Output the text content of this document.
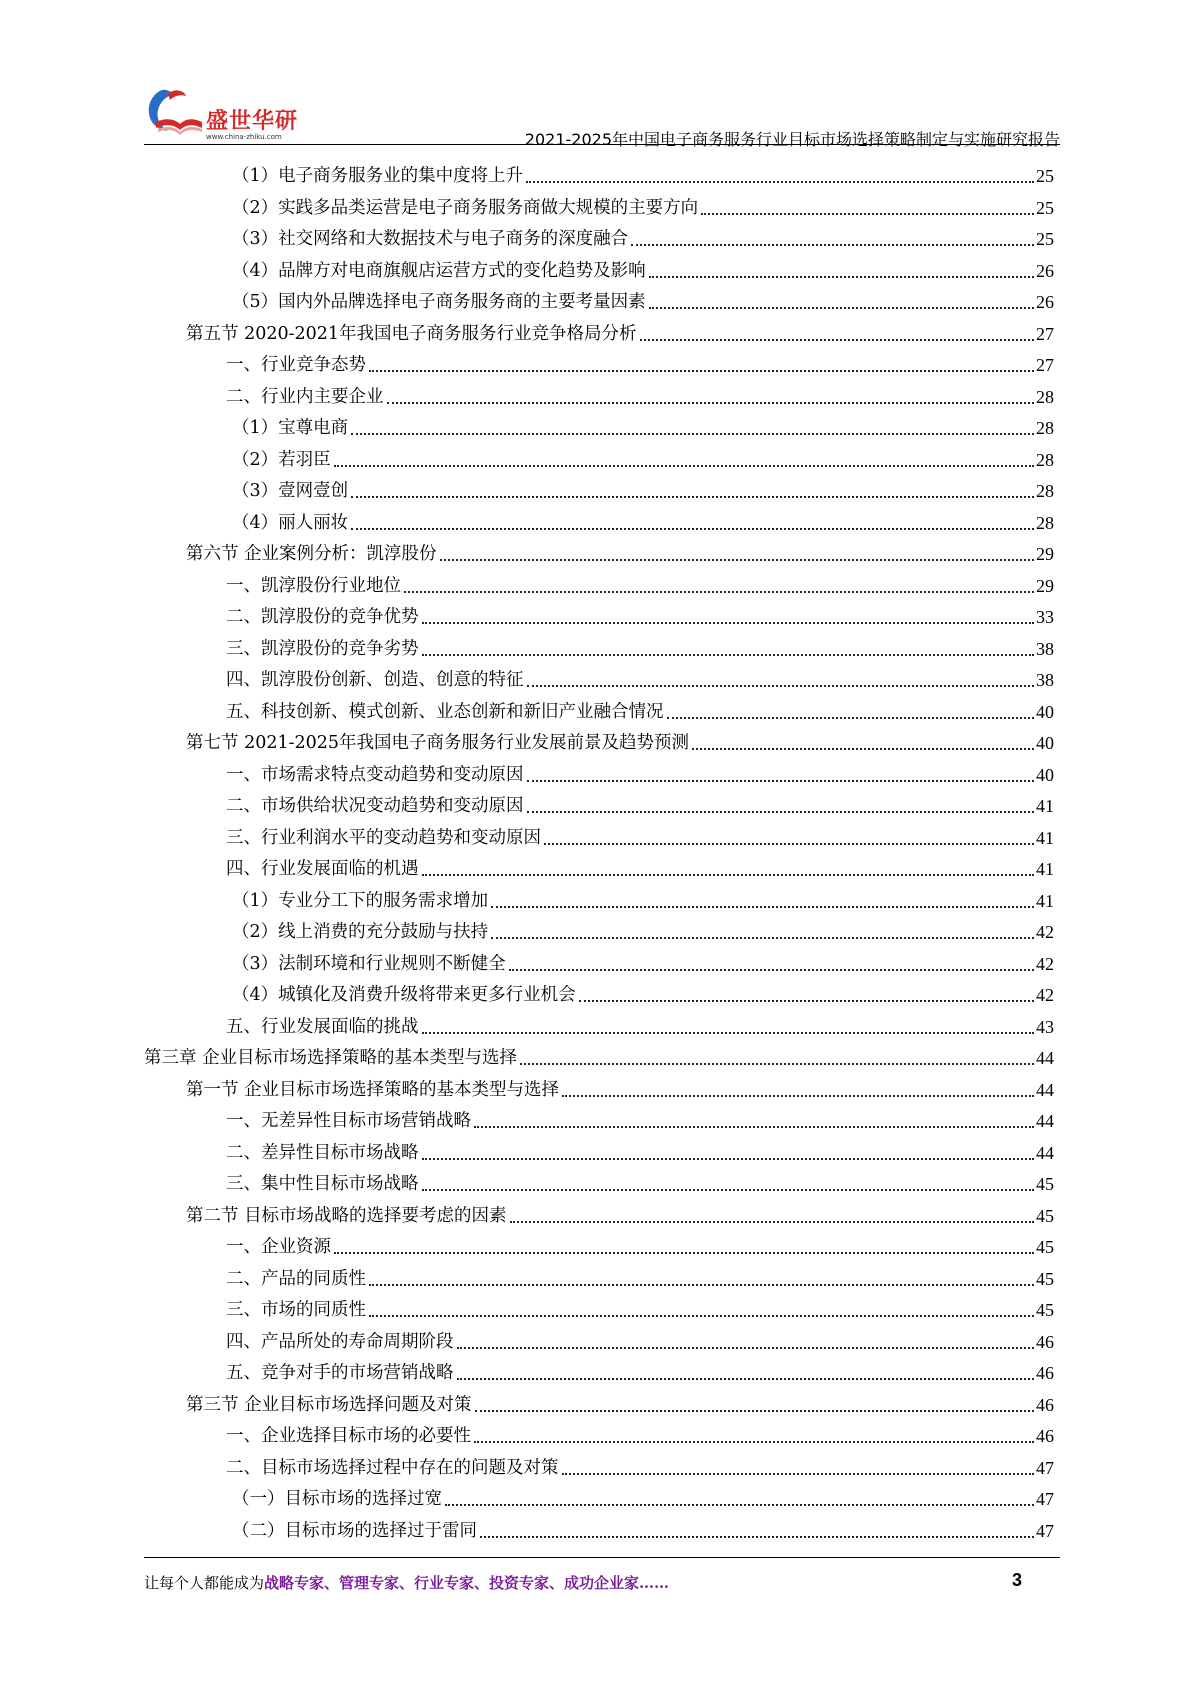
盛世华研
www.china-zhiku.com	2021-2025年中国电子商务服务行业目标市场选择策略制定与实施研究报告
（1）电子商务服务业的集中度将上升	25
（2）实践多品类运营是电子商务服务商做大规模的主要方向	25
（3）社交网络和大数据技术与电子商务的深度融合	25
（4）品牌方对电商旗舰店运营方式的变化趋势及影响	26
（5）国内外品牌选择电子商务服务商的主要考量因素	26
第五节 2020-2021年我国电子商务服务行业竞争格局分析	27
一、行业竞争态势	27
二、行业内主要企业	28
（1）宝尊电商	28
（2）若羽臣	28
（3）壹网壹创	28
（4）丽人丽妆	28
第六节 企业案例分析：凯淳股份	29
一、凯淳股份行业地位	29
二、凯淳股份的竞争优势	33
三、凯淳股份的竞争劣势	38
四、凯淳股份创新、创造、创意的特征	38
五、科技创新、模式创新、业态创新和新旧产业融合情况	40
第七节 2021-2025年我国电子商务服务行业发展前景及趋势预测	40
一、市场需求特点变动趋势和变动原因	40
二、市场供给状况变动趋势和变动原因	41
三、行业利润水平的变动趋势和变动原因	41
四、行业发展面临的机遇	41
（1）专业分工下的服务需求增加	41
（2）线上消费的充分鼓励与扶持	42
（3）法制环境和行业规则不断健全	42
（4）城镇化及消费升级将带来更多行业机会	42
五、行业发展面临的挑战	43
第三章 企业目标市场选择策略的基本类型与选择	44
第一节 企业目标市场选择策略的基本类型与选择	44
一、无差异性目标市场营销战略	44
二、差异性目标市场战略	44
三、集中性目标市场战略	45
第二节 目标市场战略的选择要考虑的因素	45
一、企业资源	45
二、产品的同质性	45
三、市场的同质性	45
四、产品所处的寿命周期阶段	46
五、竞争对手的市场营销战略	46
第三节 企业目标市场选择问题及对策	46
一、企业选择目标市场的必要性	46
二、目标市场选择过程中存在的问题及对策	47
（一）目标市场的选择过宽	47
（二）目标市场的选择过于雷同	47
让每个人都能成为战略专家、管理专家、行业专家、投资专家、成功企业家……	3
